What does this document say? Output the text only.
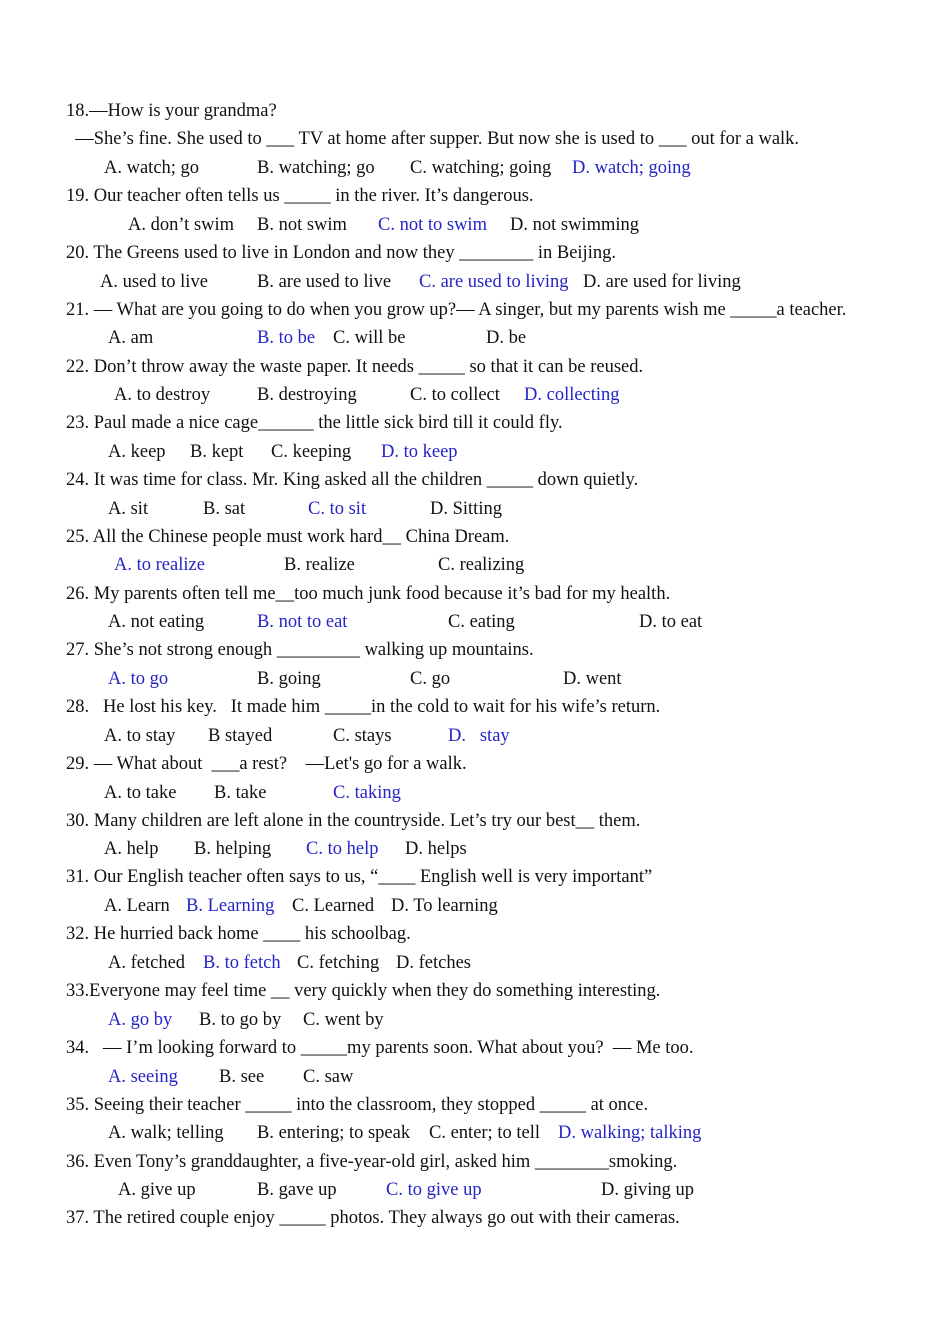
18.—How is your grandma?
—She’s fine. She used to ___ TV at home after supper. But now she is used to ___ out for a walk.
A. watch; go	B. watching; go C. watching; going D. watch; going
19. Our teacher often tells us _____ in the river. It’s dangerous.
A. don’t swim B. not swim C. not to swim D. not swimming
20. The Greens used to live in London and now they ________ in Beijing.
A. used to live	B. are used to live C. are used to living D. are used for living
21. — What are you going to do when you grow up?— A singer, but my parents wish me _____a teacher.
A. am	B. to be C. will be	D. be
22. Don’t throw away the waste paper. It needs _____ so that it can be reused.
A. to destroy	B. destroying	C. to collect D. collecting
23. Paul made a nice cage______ the little sick bird till it could fly.
A. keep B. kept C. keeping D. to keep
24. It was time for class. Mr. King asked all the children _____ down quietly.
A. sit	B. sat	C. to sit	D. Sitting
25. All the Chinese people must work hard__ China Dream.
A. to realize	B. realize	C. realizing
26. My parents often tell me__too much junk food because it’s bad for my health.
A. not eating	B. not to eat	C. eating	D. to eat
27. She’s not strong enough _________ walking up mountains.
A. to go	B. going	C. go	D. went
28.   He lost his key.   It made him _____in the cold to wait for his wife’s return.
A. to stay B stayed	C. stays	D.   stay
29. — What about  ___a rest?    —Let's go for a walk.
A. to take B. take	C. taking
30. Many children are left alone in the countryside. Let’s try our best__ them.
A. help B. helping C. to help D. helps
31. Our English teacher often says to us, “____ English well is very important”
A. Learn B. Learning C. Learned D. To learning
32. He hurried back home ____ his schoolbag.
A. fetched B. to fetch C. fetching D. fetches
33.Everyone may feel time __ very quickly when they do something interesting.
A. go by B. to go by C. went by
34.   — I’m looking forward to _____my parents soon. What about you?  — Me too.
A. seeing B. see C. saw
35. Seeing their teacher _____ into the classroom, they stopped _____ at once.
A. walk; telling B. entering; to speak C. enter; to tell D. walking; talking
36. Even Tony’s granddaughter, a five-year-old girl, asked him ________smoking.
A. give up	B. gave up	C. to give up	D. giving up
37. The retired couple enjoy _____ photos. They always go out with their cameras.
